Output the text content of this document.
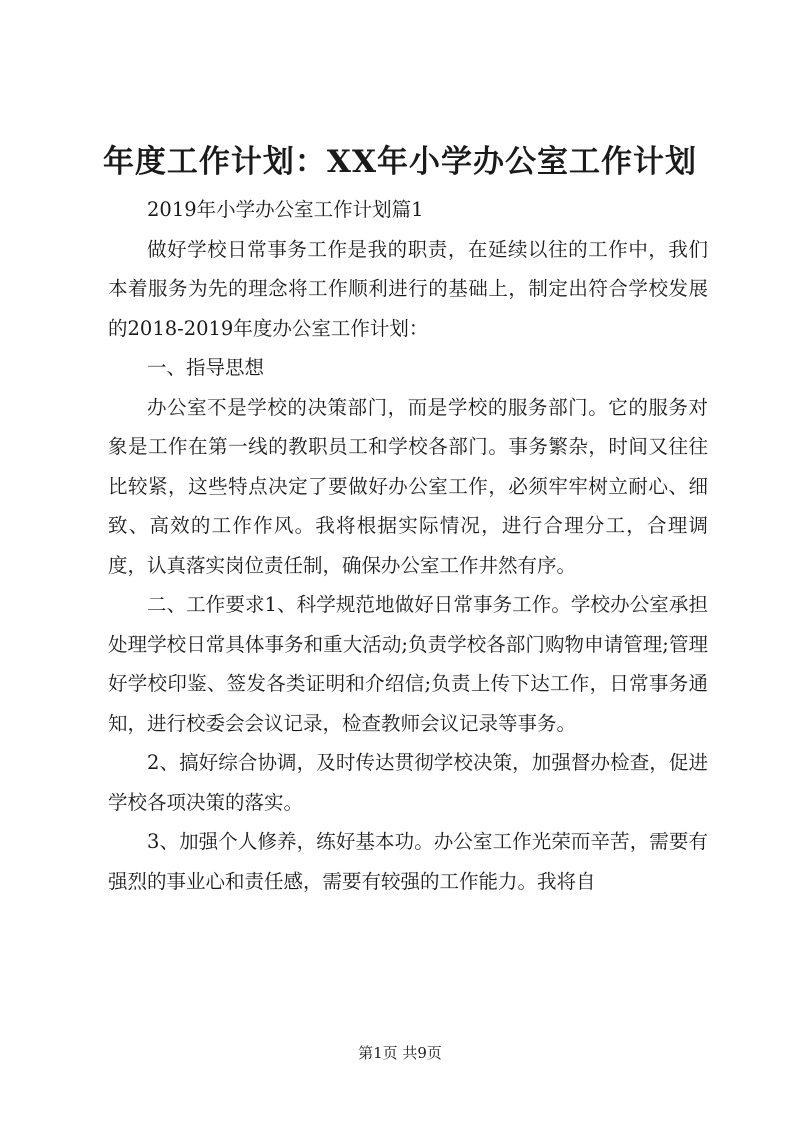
年度工作计划：XX年小学办公室工作计划

2019年小学办公室工作计划篇1

做好学校日常事务工作是我的职责，在延续以往的工作中，我们本着服务为先的理念将工作顺利进行的基础上，制定出符合学校发展的2018-2019年度办公室工作计划：

一、指导思想

办公室不是学校的决策部门，而是学校的服务部门。它的服务对象是工作在第一线的教职员工和学校各部门。事务繁杂，时间又往往比较紧，这些特点决定了要做好办公室工作，必须牢牢树立耐心、细致、高效的工作作风。我将根据实际情况，进行合理分工，合理调度，认真落实岗位责任制，确保办公室工作井然有序。

二、工作要求1、科学规范地做好日常事务工作。学校办公室承担处理学校日常具体事务和重大活动;负责学校各部门购物申请管理;管理好学校印鉴、签发各类证明和介绍信;负责上传下达工作，日常事务通知，进行校委会会议记录，检查教师会议记录等事务。

2、搞好综合协调，及时传达贯彻学校决策，加强督办检查，促进学校各项决策的落实。

3、加强个人修养，练好基本功。办公室工作光荣而辛苦，需要有强烈的事业心和责任感，需要有较强的工作能力。我将自

第1页 共9页
